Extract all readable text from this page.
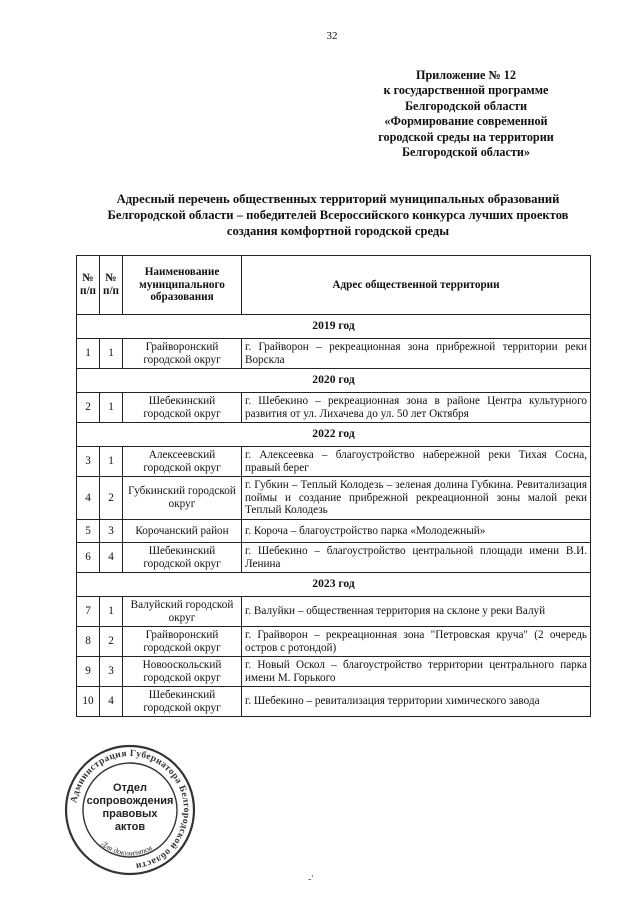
32
Приложение № 12
к государственной программе
Белгородской области
«Формирование современной
городской среды на территории
Белгородской области»
Адресный перечень общественных территорий муниципальных образований
Белгородской области – победителей Всероссийского конкурса лучших проектов
создания комфортной городской среды
№ п/п	№ п/п	Наименование муниципального образования	Адрес общественной территории
2019 год			
1	1	Грайворонский городской округ	г. Грайворон – рекреационная зона прибрежной территории реки Ворскла
2020 год			
2	1	Шебекинский городской округ	г. Шебекино – рекреационная зона в районе Центра культурного развития от ул. Лихачева до ул. 50 лет Октября
2022 год			
3	1	Алексеевский городской округ	г. Алексеевка – благоустройство набережной реки Тихая Сосна, правый берег
4	2	Губкинский городской округ	г. Губкин – Теплый Колодезь – зеленая долина Губкина. Ревитализация поймы и создание прибрежной рекреационной зоны малой реки Теплый Колодезь
5	3	Корочанский район	г. Короча – благоустройство парка «Молодежный»
6	4	Шебекинский городской округ	г. Шебекино – благоустройство центральной площади имени В.И. Ленина
2023 год			
7	1	Валуйский городской округ	г. Валуйки – общественная территория на склоне у реки Валуй
8	2	Грайворонский городской округ	г. Грайворон – рекреационная зона "Петровская круча" (2 очередь остров с ротондой)
9	3	Новооскольский городской округ	г. Новый Оскол – благоустройство территории центрального парка имени М. Горького
10	4	Шебекинский городской округ	г. Шебекино – ревитализация территории химического завода
Администрация Губернатора Белгородской области
Для документов
Отдел
сопровождения
правовых
актов
-'
